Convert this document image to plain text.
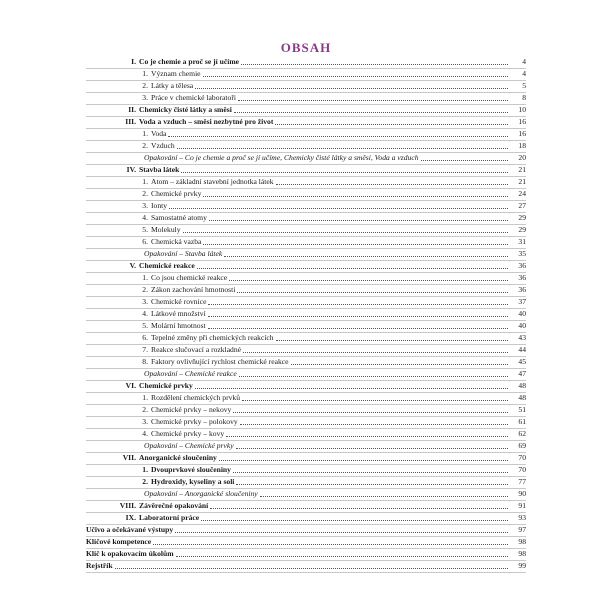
OBSAH
I. Co je chemie a proč se jí učíme	4
1. Význam chemie	4
2. Látky a tělesa	5
3. Práce v chemické laboratoři	8
II. Chemicky čisté látky a směsi	10
III. Voda a vzduch – směsi nezbytné pro život	16
1. Voda	16
2. Vzduch	18
Opakování – Co je chemie a proč se jí učíme, Chemicky čisté látky a směsi, Voda a vzduch	20
IV. Stavba látek	21
1. Atom – základní stavební jednotka látek	21
2. Chemické prvky	24
3. Ionty	27
4. Samostatné atomy	29
5. Molekuly	29
6. Chemická vazba	31
Opakování – Stavba látek	35
V. Chemické reakce	36
1. Co jsou chemické reakce	36
2. Zákon zachování hmotnosti	36
3. Chemické rovnice	37
4. Látkové množství	40
5. Molární hmotnost	40
6. Tepelné změny při chemických reakcích	43
7. Reakce slučovací a rozkladné	44
8. Faktory ovlivňující rychlost chemické reakce	45
Opakování – Chemické reakce	47
VI. Chemické prvky	48
1. Rozdělení chemických prvků	48
2. Chemické prvky – nekovy	51
3. Chemické prvky – polokovy	61
4. Chemické prvky – kovy	62
Opakování – Chemické prvky	69
VII. Anorganické sloučeniny	70
1. Dvouprvkové sloučeniny	70
2. Hydroxidy, kyseliny a soli	77
Opakování – Anorganické sloučeniny	90
VIII. Závěrečné opakování	91
IX. Laboratorní práce	93
Učivo a očekávané výstupy	97
Klíčové kompetence	98
Klíč k opakovacím úkolům	98
Rejstřík	99
